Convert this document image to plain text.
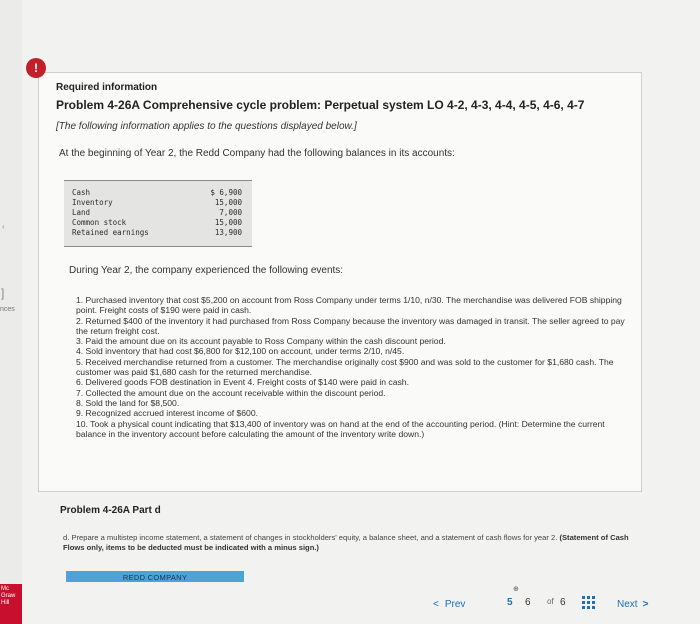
‹
]
nces
Mc Graw Hill
!
Required information
Problem 4-26A Comprehensive cycle problem: Perpetual system LO 4-2, 4-3, 4-4, 4-5, 4-6, 4-7
[The following information applies to the questions displayed below.]
At the beginning of Year 2, the Redd Company had the following balances in its accounts:
Cash	$ 6,900
Inventory	15,000
Land	7,000
Common stock	15,000
Retained earnings	13,900
During Year 2, the company experienced the following events:
1. Purchased inventory that cost $5,200 on account from Ross Company under terms 1/10, n/30. The merchandise was delivered FOB shipping point. Freight costs of $190 were paid in cash.
2. Returned $400 of the inventory it had purchased from Ross Company because the inventory was damaged in transit. The seller agreed to pay the return freight cost.
3. Paid the amount due on its account payable to Ross Company within the cash discount period.
4. Sold inventory that had cost $6,800 for $12,100 on account, under terms 2/10, n/45.
5. Received merchandise returned from a customer. The merchandise originally cost $900 and was sold to the customer for $1,680 cash. The customer was paid $1,680 cash for the returned merchandise.
6. Delivered goods FOB destination in Event 4. Freight costs of $140 were paid in cash.
7. Collected the amount due on the account receivable within the discount period.
8. Sold the land for $8,500.
9. Recognized accrued interest income of $600.
10. Took a physical count indicating that $13,400 of inventory was on hand at the end of the accounting period. (Hint: Determine the current balance in the inventory account before calculating the amount of the inventory write down.)
Problem 4-26A Part d
d. Prepare a multistep income statement, a statement of changes in stockholders' equity, a balance sheet, and a statement of cash flows for year 2. (Statement of Cash Flows only, items to be deducted must be indicated with a minus sign.)
REDD COMPANY
< Prev
⊕
5 6 of 6	Next >
